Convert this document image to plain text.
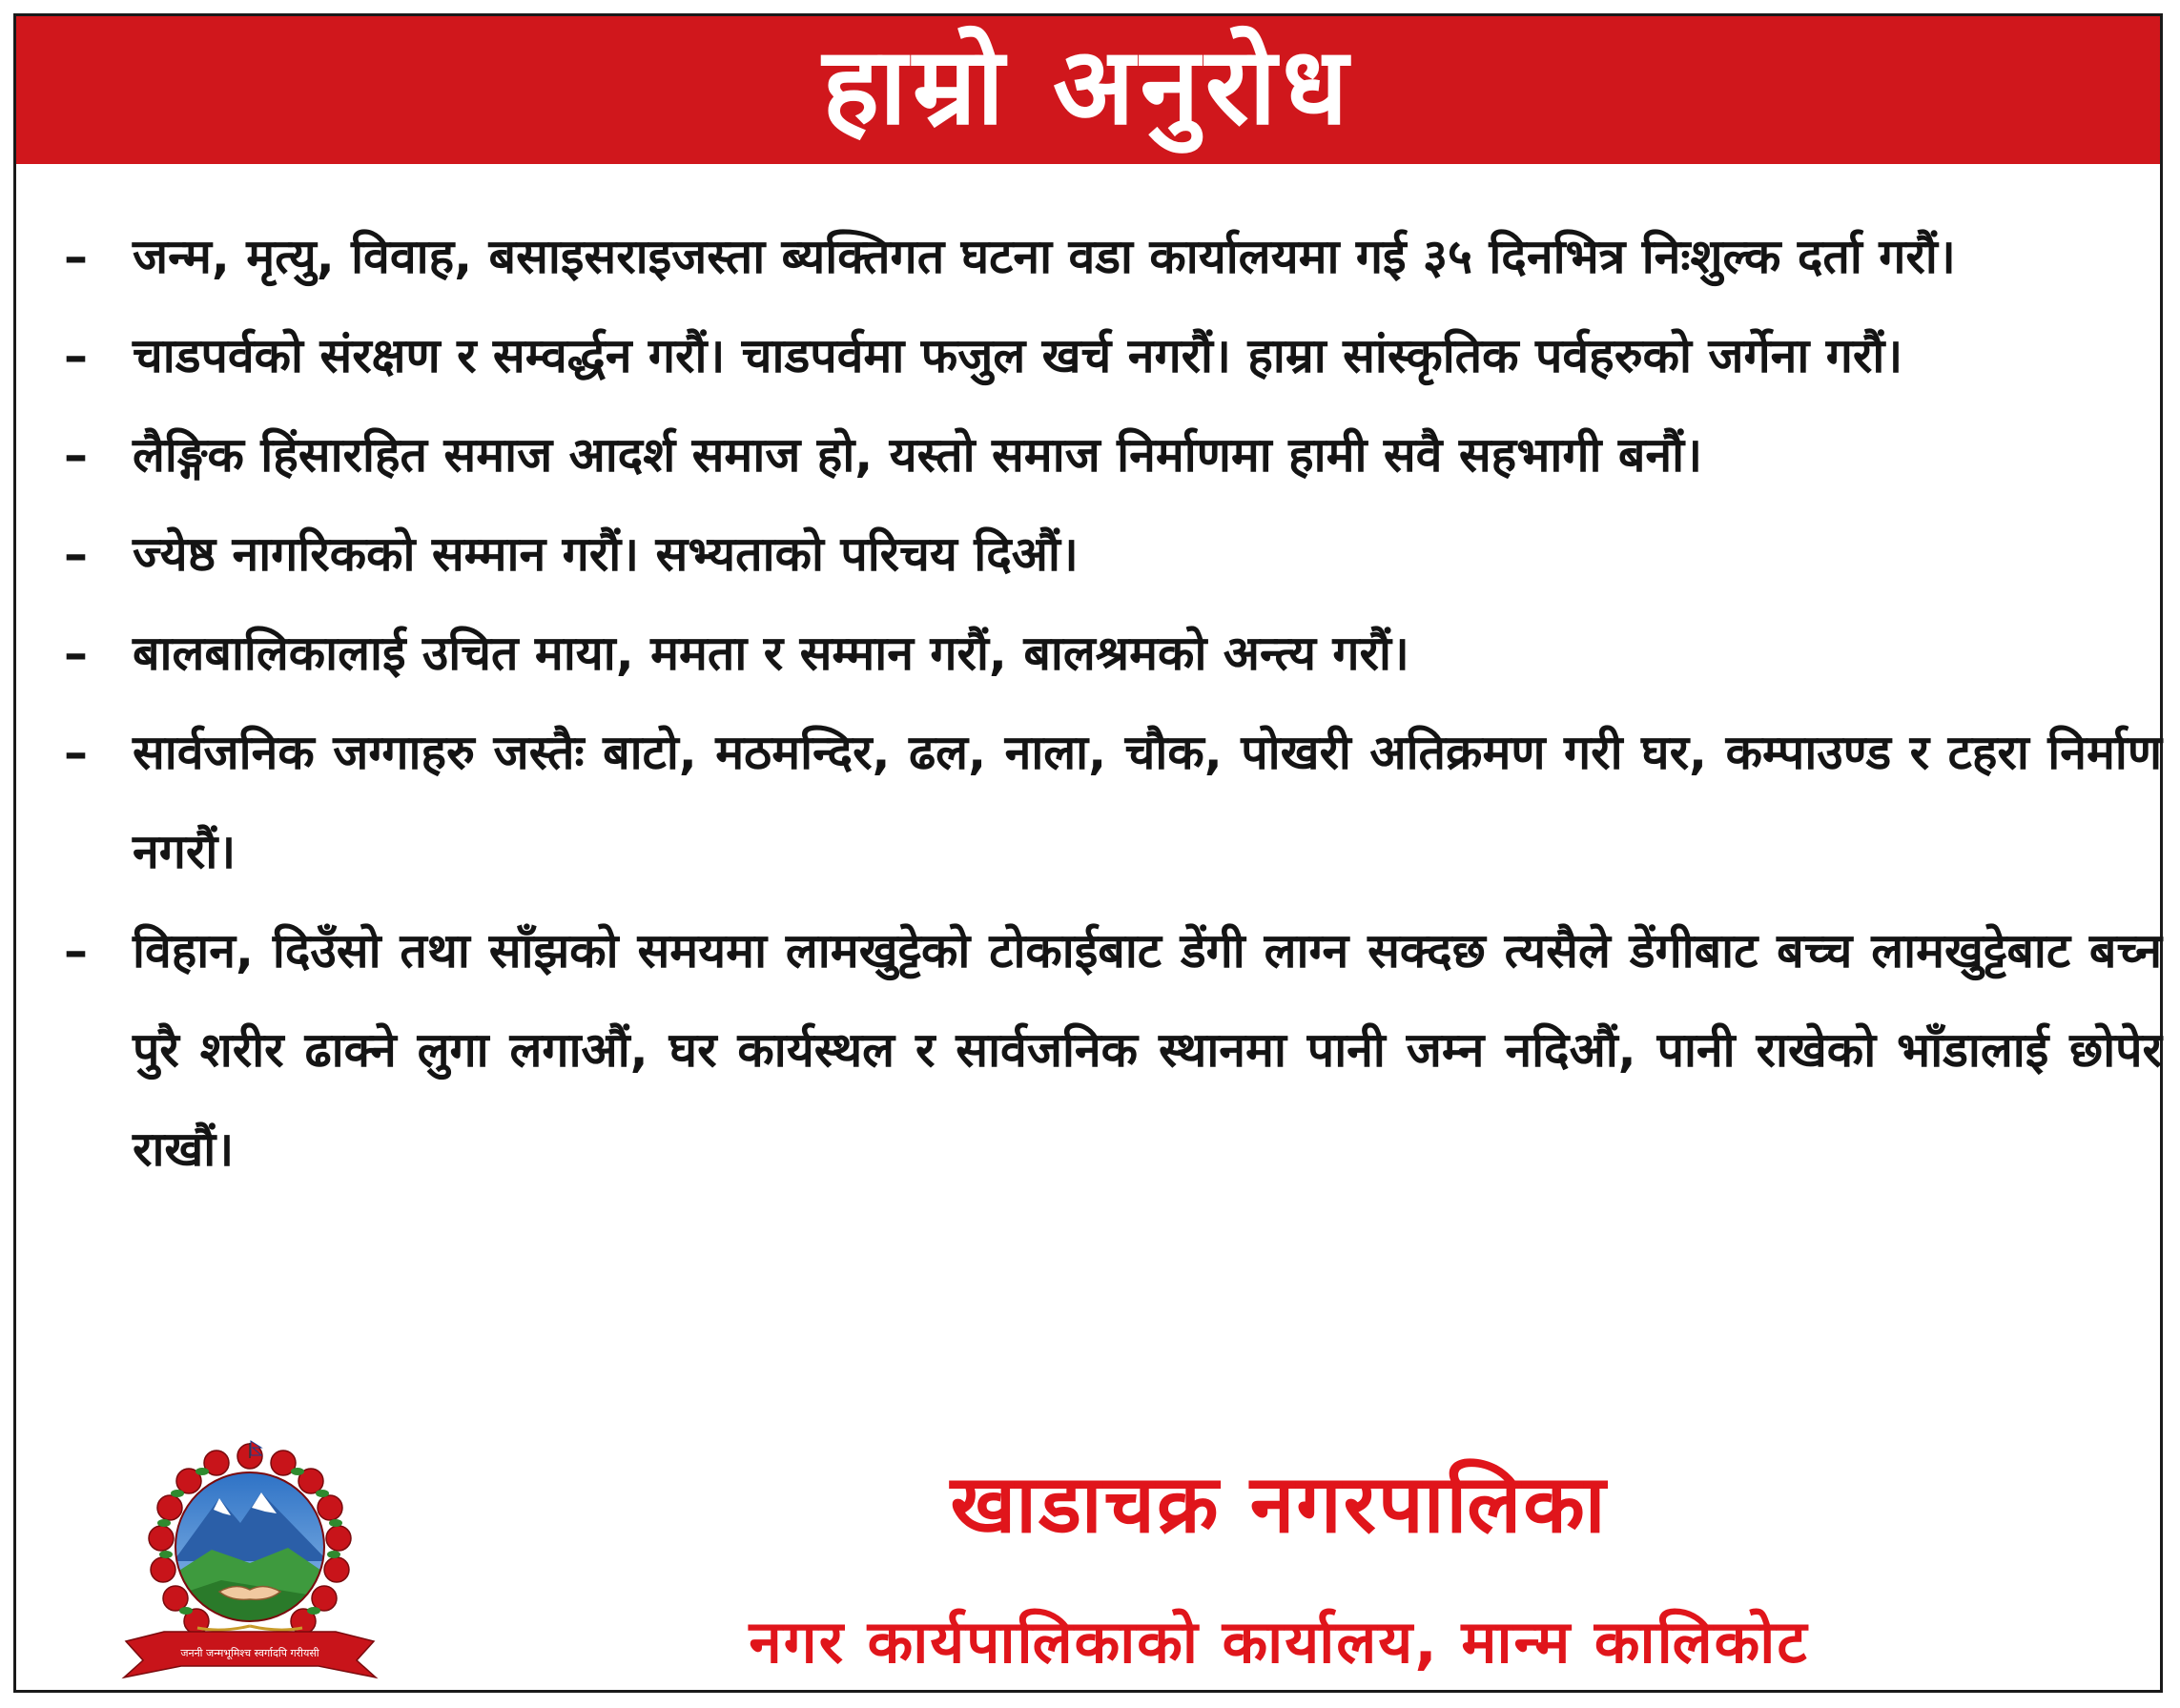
हाम्रो अनुरोध
– जन्म, मृत्यु, विवाह, बसाइसराइजस्ता ब्यक्तिगत घटना वडा कार्यालयमा गई ३५ दिनभित्र निःशुल्क दर्ता गरौं।
– चाडपर्वको संरक्षण र सम्वर्द्धन गरौं। चाडपर्वमा फजुल खर्च नगरौं। हाम्रा सांस्कृतिक पर्वहरुको जर्गेना गरौं।
– लैङ्गिक हिंसारहित समाज आदर्श समाज हो, यस्तो समाज निर्माणमा हामी सवै सहभागी बनौं।
– ज्येष्ठ नागरिकको सम्मान गरौं। सभ्यताको परिचय दिऔं।
– बालबालिकालाई उचित माया, ममता र सम्मान गरौं, बालश्रमको अन्त्य गरौं।
– सार्वजनिक जग्गाहरु जस्तैः बाटो, मठमन्दिर, ढल, नाला, चौक, पोखरी अतिक्रमण गरी घर, कम्पाउण्ड र टहरा निर्माण नगरौं।
– विहान, दिउँसो तथा साँझको समयमा लामखुट्टेको टोकाईबाट डेंगी लाग्न सक्दछ त्यसैले डेंगीबाट बच्च लामखुट्टेबाट बच्न पुरै शरीर ढाक्ने लुगा लगाऔं, घर कार्यस्थल र सार्वजनिक स्थानमा पानी जम्न नदिऔं, पानी राखेको भाँडालाई छोपेर राखौं।
जननी जन्मभूमिश्च स्वर्गादपि गरीयसी
खाडाचक्र नगरपालिका
नगर कार्यपालिकाको कार्यालय, मान्म कालिकोट
